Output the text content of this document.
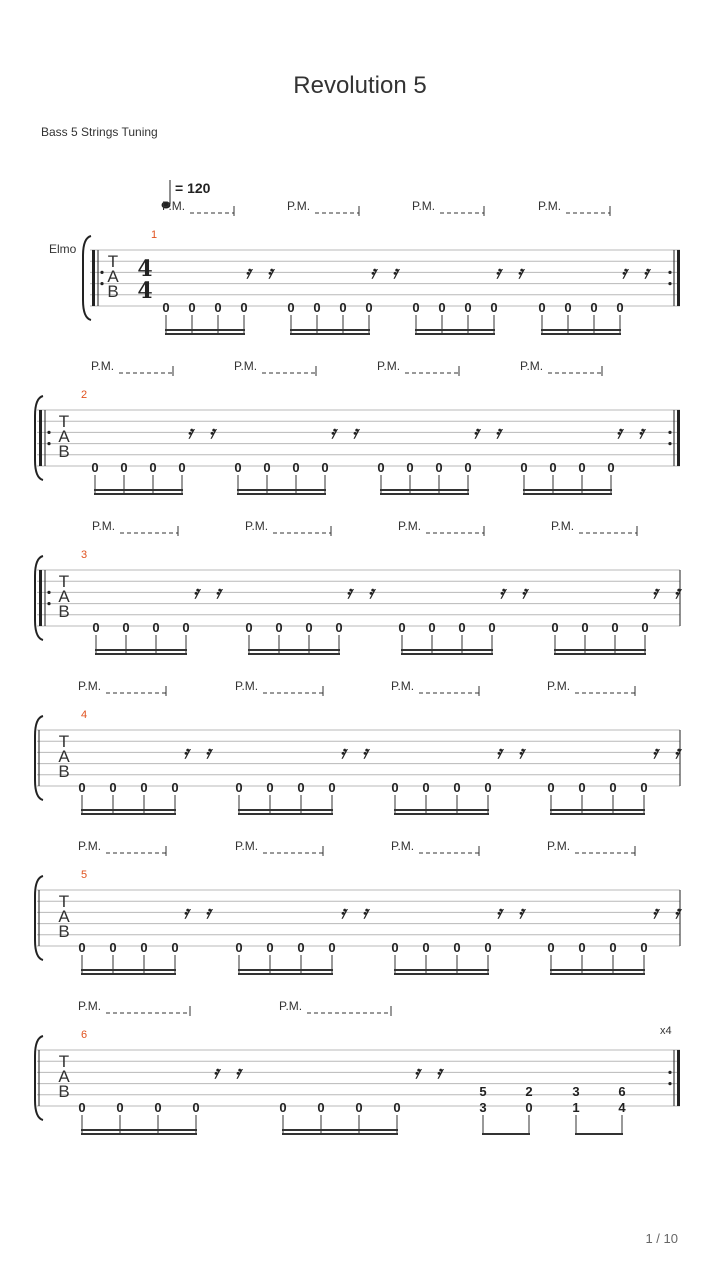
Revolution 5
Bass 5 Strings Tuning
T
A
B
4
4
= 120
Elmo
1
P.M.
0 0 0 0
𝄿 𝄿
P.M.
0 0 0 0
𝄿 𝄿
P.M.
0 0 0 0
𝄿 𝄿
P.M.
0 0 0 0
𝄿 𝄿
T
A
B
2
P.M.
0 0 0 0
𝄿 𝄿
P.M.
0 0 0 0
𝄿 𝄿
P.M.
0 0 0 0
𝄿 𝄿
P.M.
0 0 0 0
𝄿 𝄿
T
A
B
3
P.M.
0 0 0 0
𝄿 𝄿
P.M.
0 0 0 0
𝄿 𝄿
P.M.
0 0 0 0
𝄿 𝄿
P.M.
0 0 0 0
𝄿 𝄿
T
A
B
4
P.M.
0 0 0 0
𝄿 𝄿
P.M.
0 0 0 0
𝄿 𝄿
P.M.
0 0 0 0
𝄿 𝄿
P.M.
0 0 0 0
𝄿 𝄿
T
A
B
5
P.M.
0 0 0 0
𝄿 𝄿
P.M.
0 0 0 0
𝄿 𝄿
P.M.
0 0 0 0
𝄿 𝄿
P.M.
0 0 0 0
𝄿 𝄿
T
A
B
6
P.M.
0 0 0 0
𝄿 𝄿
P.M.
0 0 0 0
𝄿 𝄿
5
3
2
0
3
1
6
4
x4
1 / 10
